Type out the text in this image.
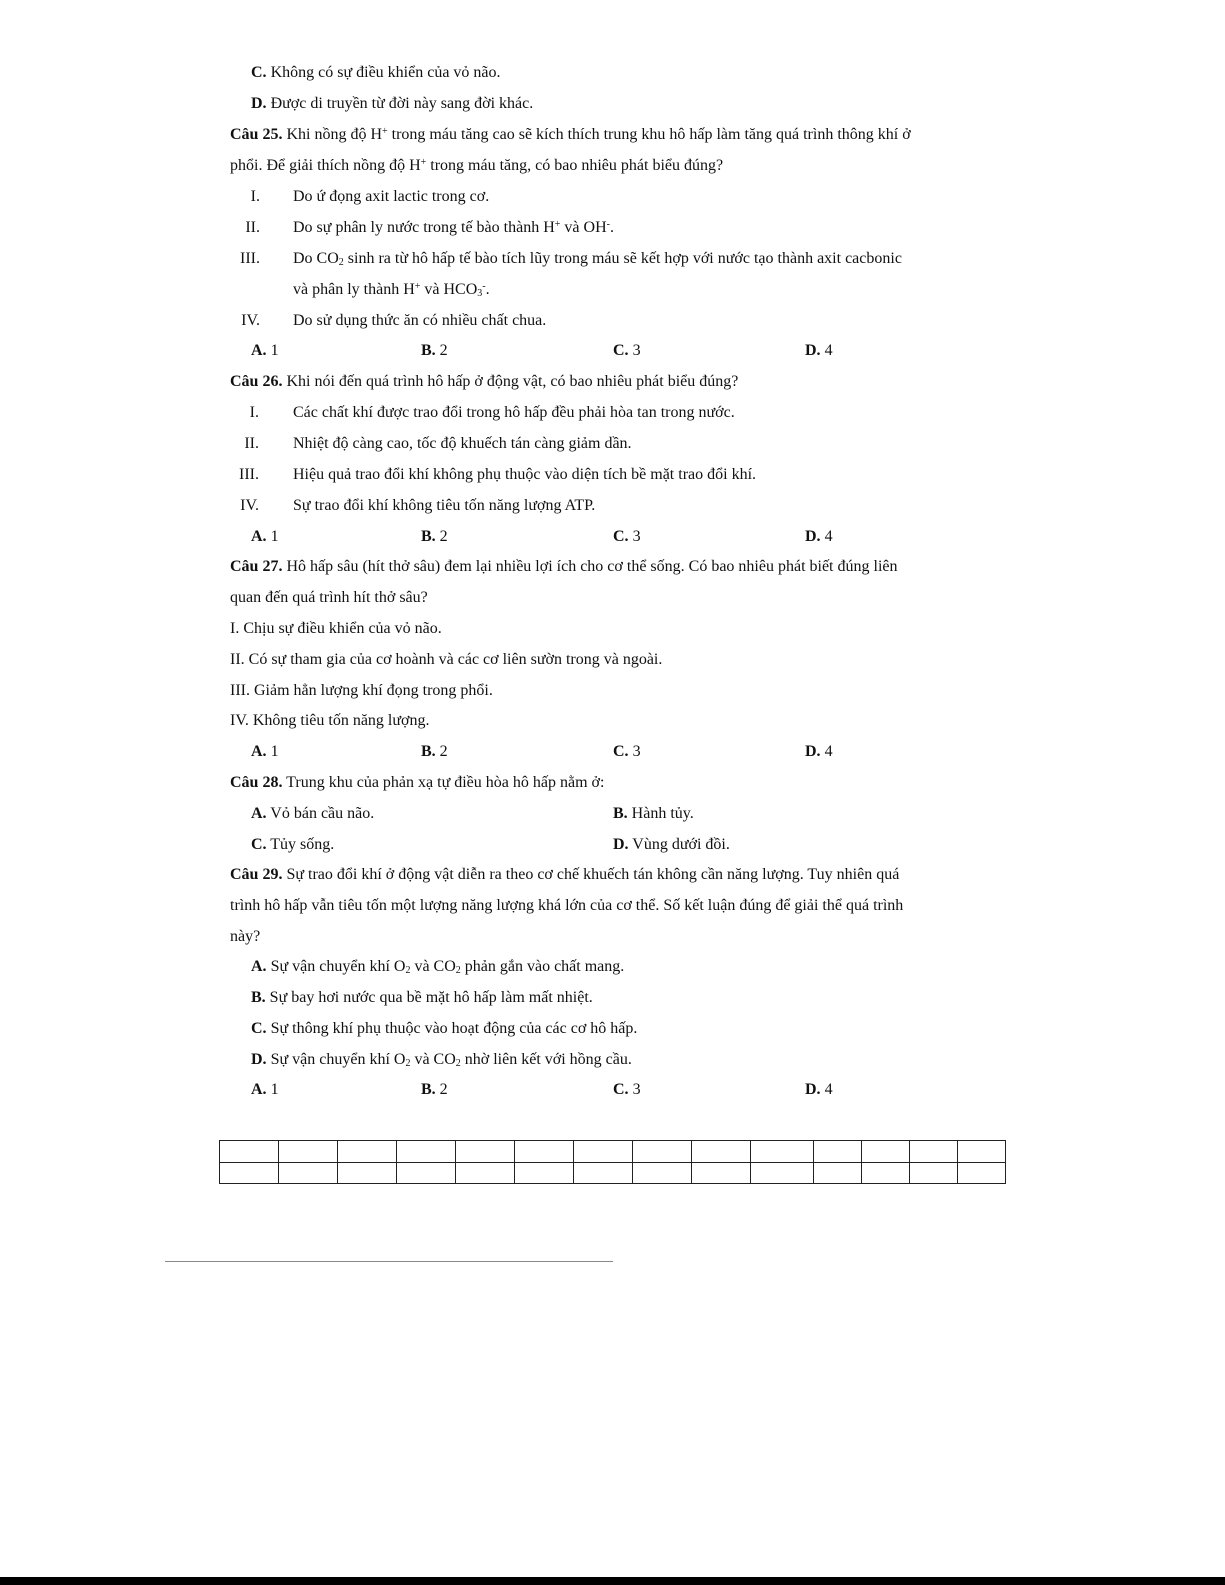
C. Không có sự điều khiển của vỏ não.
D. Được di truyền từ đời này sang đời khác.
Câu 25. Khi nồng độ H+ trong máu tăng cao sẽ kích thích trung khu hô hấp làm tăng quá trình thông khí ở
phổi. Để giải thích nồng độ H+ trong máu tăng, có bao nhiêu phát biểu đúng?
I. Do ứ đọng axit lactic trong cơ.
II. Do sự phân ly nước trong tế bào thành H+ và OH-.
III. Do $CO_2$ sinh ra từ hô hấp tế bào tích lũy trong máu sẽ kết hợp với nước tạo thành axit cacbonic
và phân ly thành H+ và $HCO_3^-$.
IV. Do sử dụng thức ăn có nhiều chất chua.
A. 1	B. 2	C. 3	D. 4
Câu 26. Khi nói đến quá trình hô hấp ở động vật, có bao nhiêu phát biểu đúng?
I. Các chất khí được trao đổi trong hô hấp đều phải hòa tan trong nước.
II. Nhiệt độ càng cao, tốc độ khuếch tán càng giảm dần.
III. Hiệu quả trao đổi khí không phụ thuộc vào diện tích bề mặt trao đổi khí.
IV. Sự trao đổi khí không tiêu tốn năng lượng ATP.
A. 1	B. 2	C. 3	D. 4
Câu 27. Hô hấp sâu (hít thở sâu) đem lại nhiều lợi ích cho cơ thể sống. Có bao nhiêu phát biết đúng liên
quan đến quá trình hít thở sâu?
I. Chịu sự điều khiển của vỏ não.
II. Có sự tham gia của cơ hoành và các cơ liên sườn trong và ngoài.
III. Giảm hẳn lượng khí đọng trong phổi.
IV. Không tiêu tốn năng lượng.
A. 1	B. 2	C. 3	D. 4
Câu 28. Trung khu của phản xạ tự điều hòa hô hấp nằm ở:
A. Vỏ bán cầu não.	B. Hành tủy.
C. Tủy sống.	D. Vùng dưới đồi.
Câu 29. Sự trao đổi khí ở động vật diễn ra theo cơ chế khuếch tán không cần năng lượng. Tuy nhiên quá
trình hô hấp vẫn tiêu tốn một lượng năng lượng khá lớn của cơ thể. Số kết luận đúng để giải thể quá trình
này?
A. Sự vận chuyển khí $O_2$ và $CO_2$ phản gắn vào chất mang.
B. Sự bay hơi nước qua bề mặt hô hấp làm mất nhiệt.
C. Sự thông khí phụ thuộc vào hoạt động của các cơ hô hấp.
D. Sự vận chuyển khí $O_2$ và $CO_2$ nhờ liên kết với hồng cầu.
A. 1	B. 2	C. 3	D. 4
